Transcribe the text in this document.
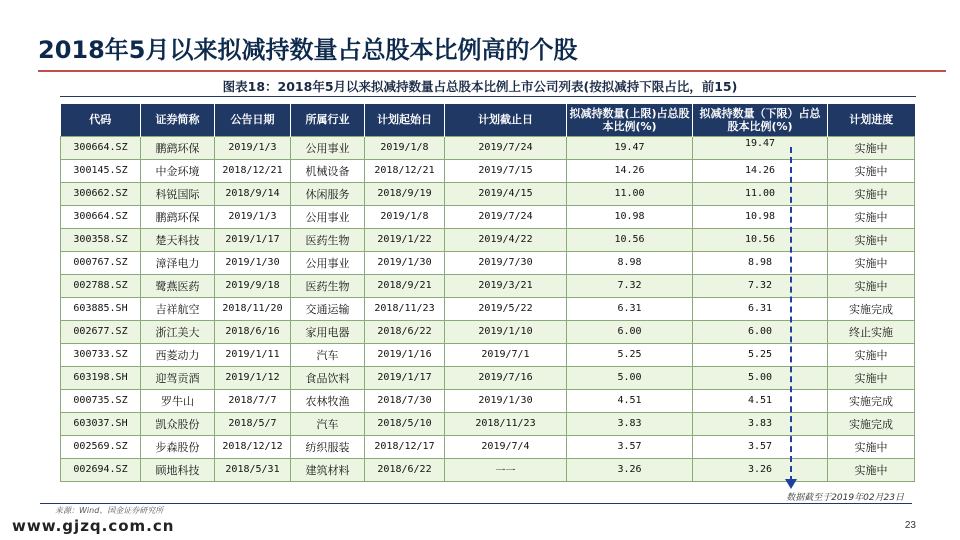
2018年5月以来拟减持数量占总股本比例高的个股
图表18：2018年5月以来拟减持数量占总股本比例上市公司列表(按拟减持下限占比，前15)
代码	证券简称	公告日期	所属行业	计划起始日	计划截止日	拟减持数量(上限)占总股本比例(%)	拟减持数量（下限）占总股本比例(%)	计划进度
300664.SZ	鹏鹞环保	2019/1/3	公用事业	2019/1/8	2019/7/24	19.47	19.47	实施中
300145.SZ	中金环境	2018/12/21	机械设备	2018/12/21	2019/7/15	14.26	14.26	实施中
300662.SZ	科锐国际	2018/9/14	休闲服务	2018/9/19	2019/4/15	11.00	11.00	实施中
300664.SZ	鹏鹞环保	2019/1/3	公用事业	2019/1/8	2019/7/24	10.98	10.98	实施中
300358.SZ	楚天科技	2019/1/17	医药生物	2019/1/22	2019/4/22	10.56	10.56	实施中
000767.SZ	漳泽电力	2019/1/30	公用事业	2019/1/30	2019/7/30	8.98	8.98	实施中
002788.SZ	鹭燕医药	2019/9/18	医药生物	2018/9/21	2019/3/21	7.32	7.32	实施中
603885.SH	吉祥航空	2018/11/20	交通运输	2018/11/23	2019/5/22	6.31	6.31	实施完成
002677.SZ	浙江美大	2018/6/16	家用电器	2018/6/22	2019/1/10	6.00	6.00	终止实施
300733.SZ	西菱动力	2019/1/11	汽车	2019/1/16	2019/7/1	5.25	5.25	实施中
603198.SH	迎驾贡酒	2019/1/12	食品饮料	2019/1/17	2019/7/16	5.00	5.00	实施中
000735.SZ	罗牛山	2018/7/7	农林牧渔	2018/7/30	2019/1/30	4.51	4.51	实施完成
603037.SH	凯众股份	2018/5/7	汽车	2018/5/10	2018/11/23	3.83	3.83	实施完成
002569.SZ	步森股份	2018/12/12	纺织服装	2018/12/17	2019/7/4	3.57	3.57	实施中
002694.SZ	顾地科技	2018/5/31	建筑材料	2018/6/22	一一	3.26	3.26	实施中
数据截至于2019年02月23日
来源：Wind、国金证券研究所
www.gjzq.com.cn	23
